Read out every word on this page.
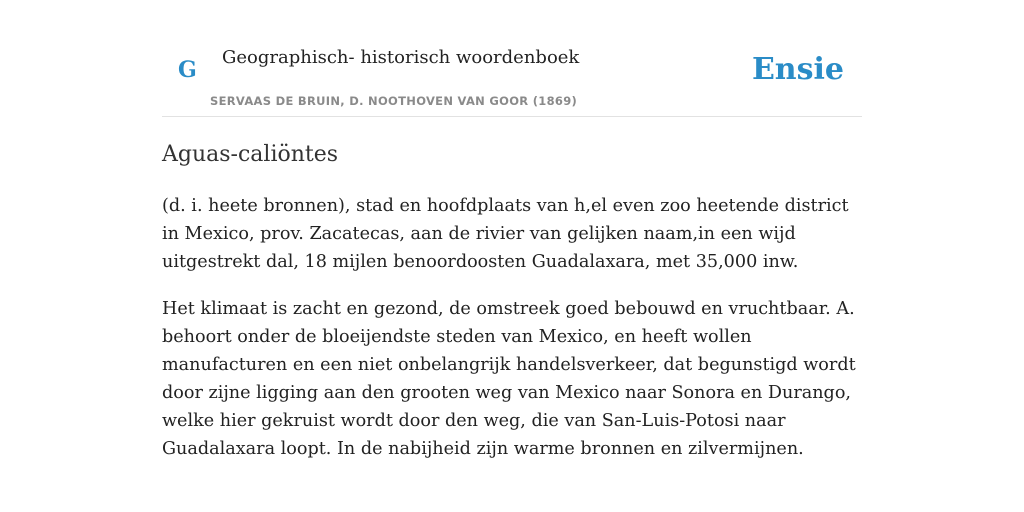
G Geographisch- historisch woordenboek
SERVAAS DE BRUIN, D. NOOTHOVEN VAN GOOR (1869)
Ensie
Aguas-caliöntes

(d. i. heete bronnen), stad en hoofdplaats van h,el even zoo heetende district in Mexico, prov. Zacatecas, aan de rivier van gelijken naam,in een wijd uitgestrekt dal, 18 mijlen benoordoosten Guadalaxara, met 35,000 inw.

Het klimaat is zacht en gezond, de omstreek goed bebouwd en vruchtbaar. A. behoort onder de bloeijendste steden van Mexico, en heeft wollen manufacturen en een niet onbelangrijk handelsverkeer, dat begunstigd wordt door zijne ligging aan den grooten weg van Mexico naar Sonora en Durango, welke hier gekruist wordt door den weg, die van San-Luis-Potosi naar Guadalaxara loopt. In de nabijheid zijn warme bronnen en zilvermijnen.
